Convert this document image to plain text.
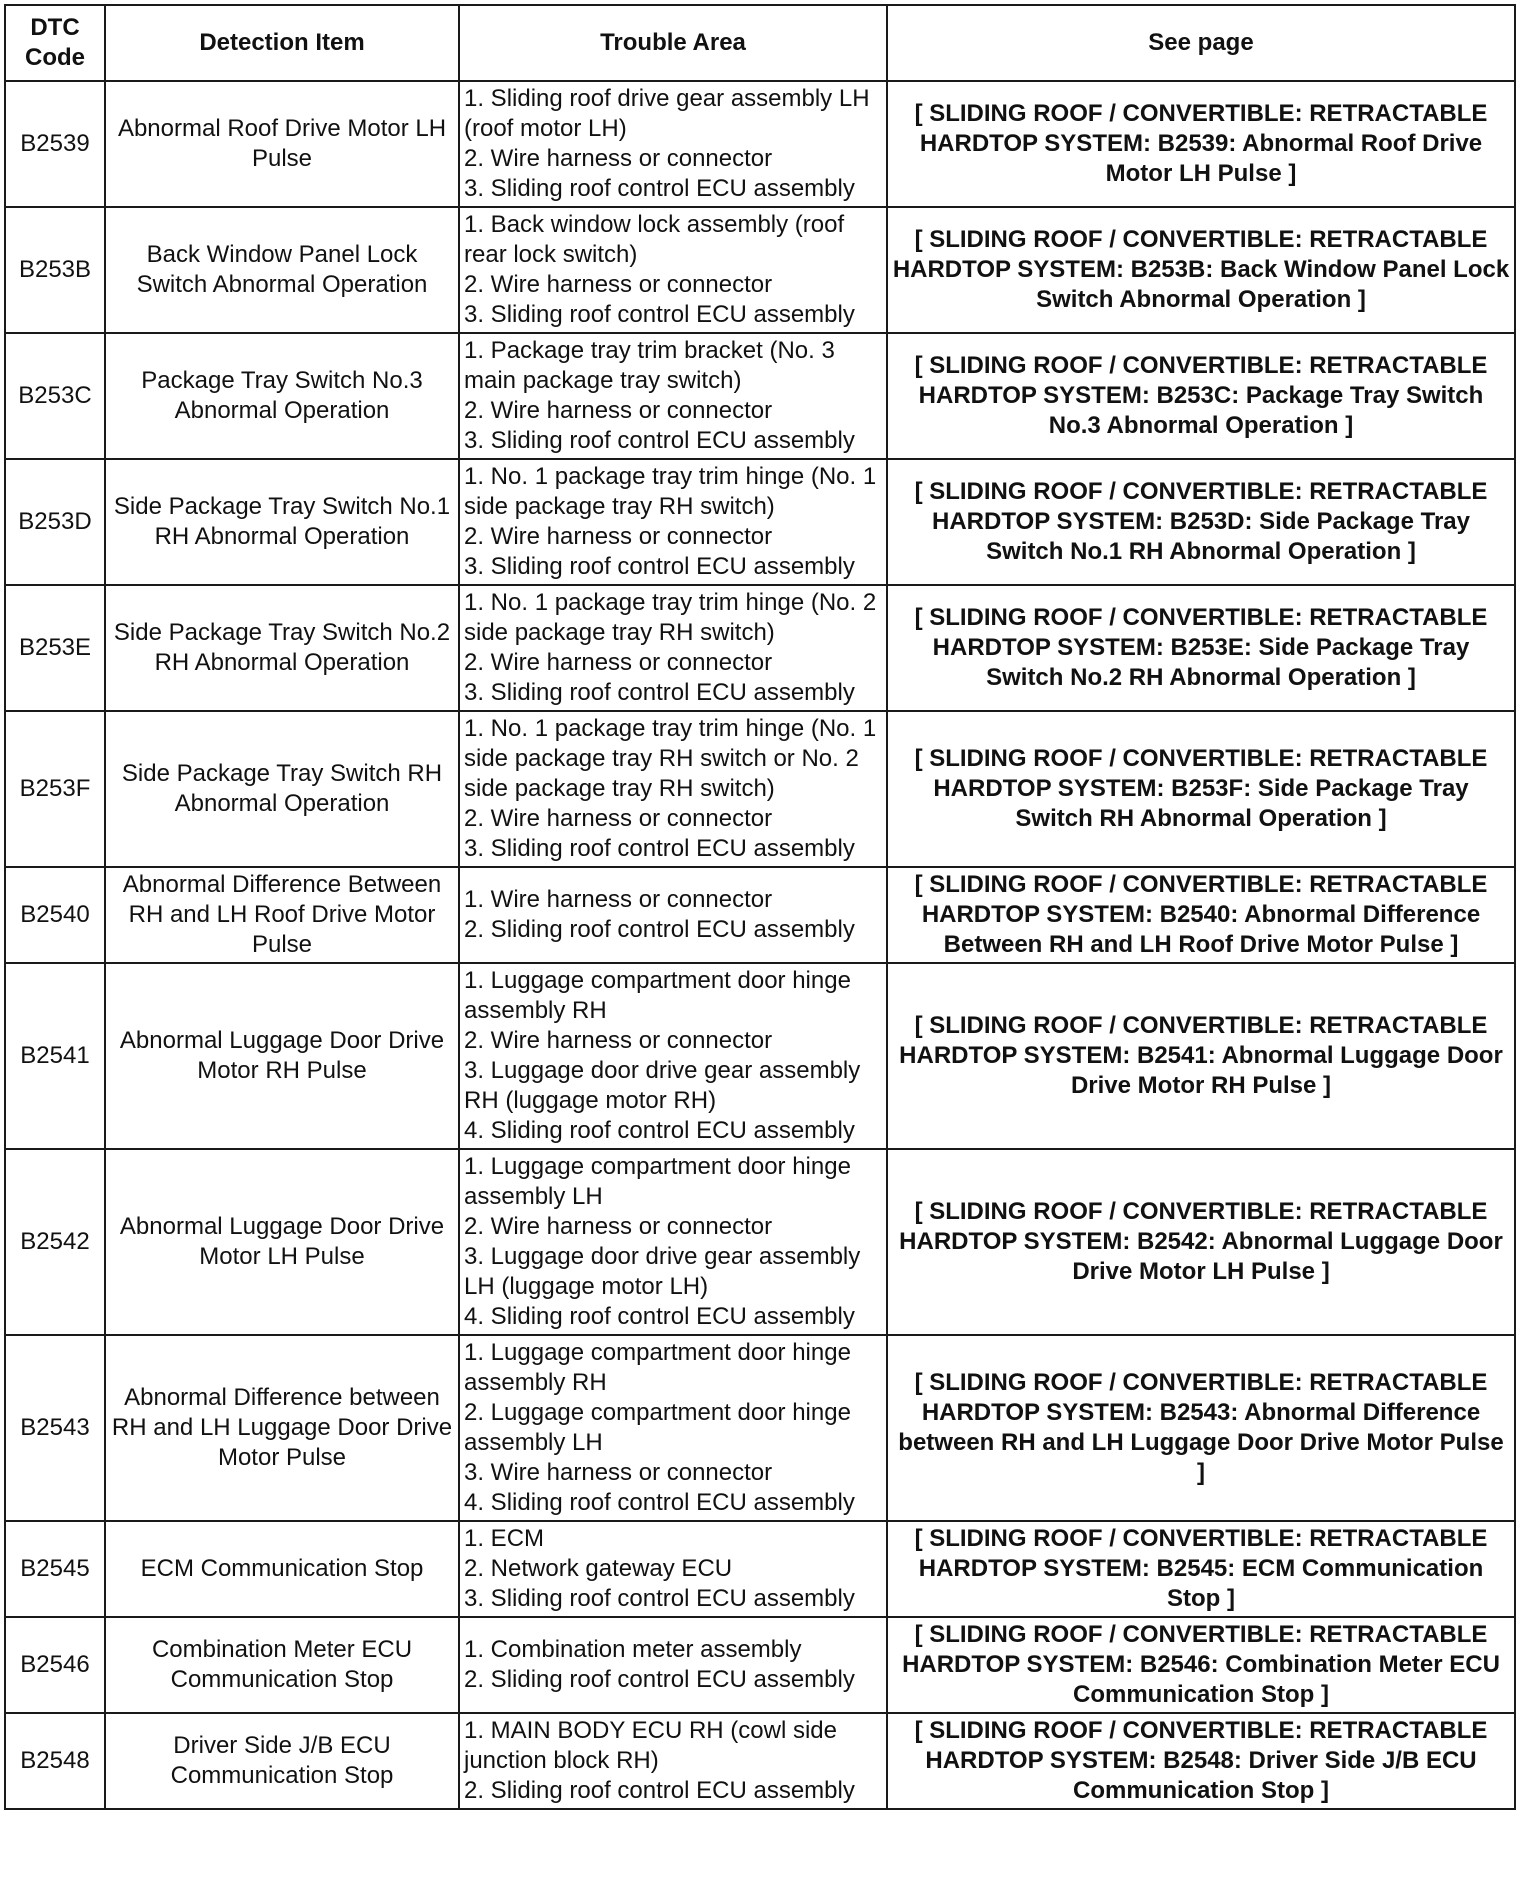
DTC Code	Detection Item	Trouble Area	See page
B2539	Abnormal Roof Drive Motor LH Pulse	1. Sliding roof drive gear assembly LH (roof motor LH)
2. Wire harness or connector
3. Sliding roof control ECU assembly	[ SLIDING ROOF / CONVERTIBLE: RETRACTABLE HARDTOP SYSTEM: B2539: Abnormal Roof Drive Motor LH Pulse ]
B253B	Back Window Panel Lock Switch Abnormal Operation	1. Back window lock assembly (roof rear lock switch)
2. Wire harness or connector
3. Sliding roof control ECU assembly	[ SLIDING ROOF / CONVERTIBLE: RETRACTABLE HARDTOP SYSTEM: B253B: Back Window Panel Lock Switch Abnormal Operation ]
B253C	Package Tray Switch No.3 Abnormal Operation	1. Package tray trim bracket (No. 3 main package tray switch)
2. Wire harness or connector
3. Sliding roof control ECU assembly	[ SLIDING ROOF / CONVERTIBLE: RETRACTABLE HARDTOP SYSTEM: B253C: Package Tray Switch No.3 Abnormal Operation ]
B253D	Side Package Tray Switch No.1 RH Abnormal Operation	1. No. 1 package tray trim hinge (No. 1 side package tray RH switch)
2. Wire harness or connector
3. Sliding roof control ECU assembly	[ SLIDING ROOF / CONVERTIBLE: RETRACTABLE HARDTOP SYSTEM: B253D: Side Package Tray Switch No.1 RH Abnormal Operation ]
B253E	Side Package Tray Switch No.2 RH Abnormal Operation	1. No. 1 package tray trim hinge (No. 2 side package tray RH switch)
2. Wire harness or connector
3. Sliding roof control ECU assembly	[ SLIDING ROOF / CONVERTIBLE: RETRACTABLE HARDTOP SYSTEM: B253E: Side Package Tray Switch No.2 RH Abnormal Operation ]
B253F	Side Package Tray Switch RH Abnormal Operation	1. No. 1 package tray trim hinge (No. 1 side package tray RH switch or No. 2 side package tray RH switch)
2. Wire harness or connector
3. Sliding roof control ECU assembly	[ SLIDING ROOF / CONVERTIBLE: RETRACTABLE HARDTOP SYSTEM: B253F: Side Package Tray Switch RH Abnormal Operation ]
B2540	Abnormal Difference Between RH and LH Roof Drive Motor Pulse	1. Wire harness or connector
2. Sliding roof control ECU assembly	[ SLIDING ROOF / CONVERTIBLE: RETRACTABLE HARDTOP SYSTEM: B2540: Abnormal Difference Between RH and LH Roof Drive Motor Pulse ]
B2541	Abnormal Luggage Door Drive Motor RH Pulse	1. Luggage compartment door hinge assembly RH
2. Wire harness or connector
3. Luggage door drive gear assembly RH (luggage motor RH)
4. Sliding roof control ECU assembly	[ SLIDING ROOF / CONVERTIBLE: RETRACTABLE HARDTOP SYSTEM: B2541: Abnormal Luggage Door Drive Motor RH Pulse ]
B2542	Abnormal Luggage Door Drive Motor LH Pulse	1. Luggage compartment door hinge assembly LH
2. Wire harness or connector
3. Luggage door drive gear assembly LH (luggage motor LH)
4. Sliding roof control ECU assembly	[ SLIDING ROOF / CONVERTIBLE: RETRACTABLE HARDTOP SYSTEM: B2542: Abnormal Luggage Door Drive Motor LH Pulse ]
B2543	Abnormal Difference between RH and LH Luggage Door Drive Motor Pulse	1. Luggage compartment door hinge assembly RH
2. Luggage compartment door hinge assembly LH
3. Wire harness or connector
4. Sliding roof control ECU assembly	[ SLIDING ROOF / CONVERTIBLE: RETRACTABLE HARDTOP SYSTEM: B2543: Abnormal Difference between RH and LH Luggage Door Drive Motor Pulse ]
B2545	ECM Communication Stop	1. ECM
2. Network gateway ECU
3. Sliding roof control ECU assembly	[ SLIDING ROOF / CONVERTIBLE: RETRACTABLE HARDTOP SYSTEM: B2545: ECM Communication Stop ]
B2546	Combination Meter ECU Communication Stop	1. Combination meter assembly
2. Sliding roof control ECU assembly	[ SLIDING ROOF / CONVERTIBLE: RETRACTABLE HARDTOP SYSTEM: B2546: Combination Meter ECU Communication Stop ]
B2548	Driver Side J/B ECU Communication Stop	1. MAIN BODY ECU RH (cowl side junction block RH)
2. Sliding roof control ECU assembly	[ SLIDING ROOF / CONVERTIBLE: RETRACTABLE HARDTOP SYSTEM: B2548: Driver Side J/B ECU Communication Stop ]
